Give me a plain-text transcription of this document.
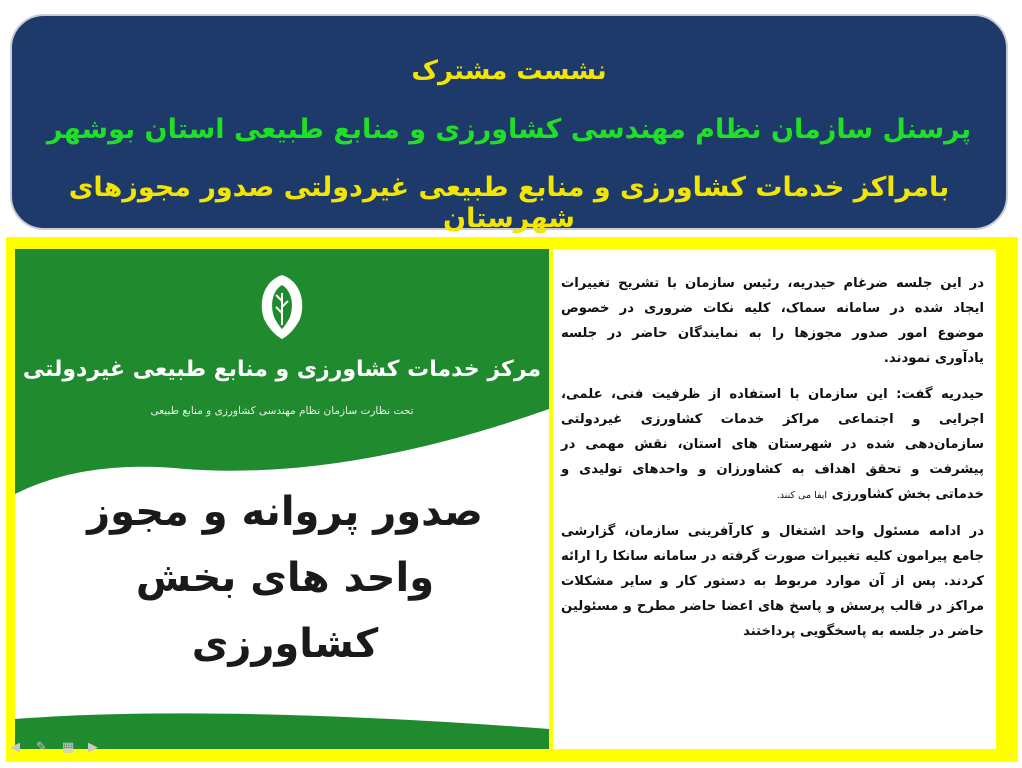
نشست مشترک
پرسنل سازمان نظام مهندسی کشاورزی و منابع طبیعی استان بوشهر
بامراکز خدمات کشاورزی و منابع طبیعی غیردولتی صدور مجوزهای شهرستان
مرکز خدمات کشاورزی و منابع طبیعی غیردولتی
تحت نظارت سازمان نظام مهندسی کشاورزی و منابع طبیعی
صدور پروانه و مجوز
واحد های بخش کشاورزی

در این جلسه ضرغام حیدریه، رئیس سازمان با تشریح تغییرات ایجاد شده در سامانه سماک، کلیه نکات ضروری در خصوص موضوع امور صدور مجوزها را به نمایندگان حاضر در جلسه یادآوری نمودند.

حیدریه گفت: این سازمان با استفاده از ظرفیت فنی، علمی، اجرایی و اجتماعی مراکز خدمات کشاورزی غیردولتی سازمان‌دهی شده در شهرستان های استان، نقش مهمی در پیشرفت و تحقق اهداف به کشاورزان و واحدهای تولیدی و خدماتی بخش کشاورزی ایفا می کنند.

در ادامه مسئول واحد اشتغال و کارآفرینی سازمان، گزارشی جامع پیرامون کلیه تغییرات صورت گرفته در سامانه سانکا را ارائه کردند. پس از آن موارد مربوط به دستور کار و سایر مشکلات مراکز در قالب پرسش و پاسخ های اعضا حاضر مطرح و مسئولین حاضر در جلسه به پاسخگویی پرداختند

◀ ✎ ▦ ▶
